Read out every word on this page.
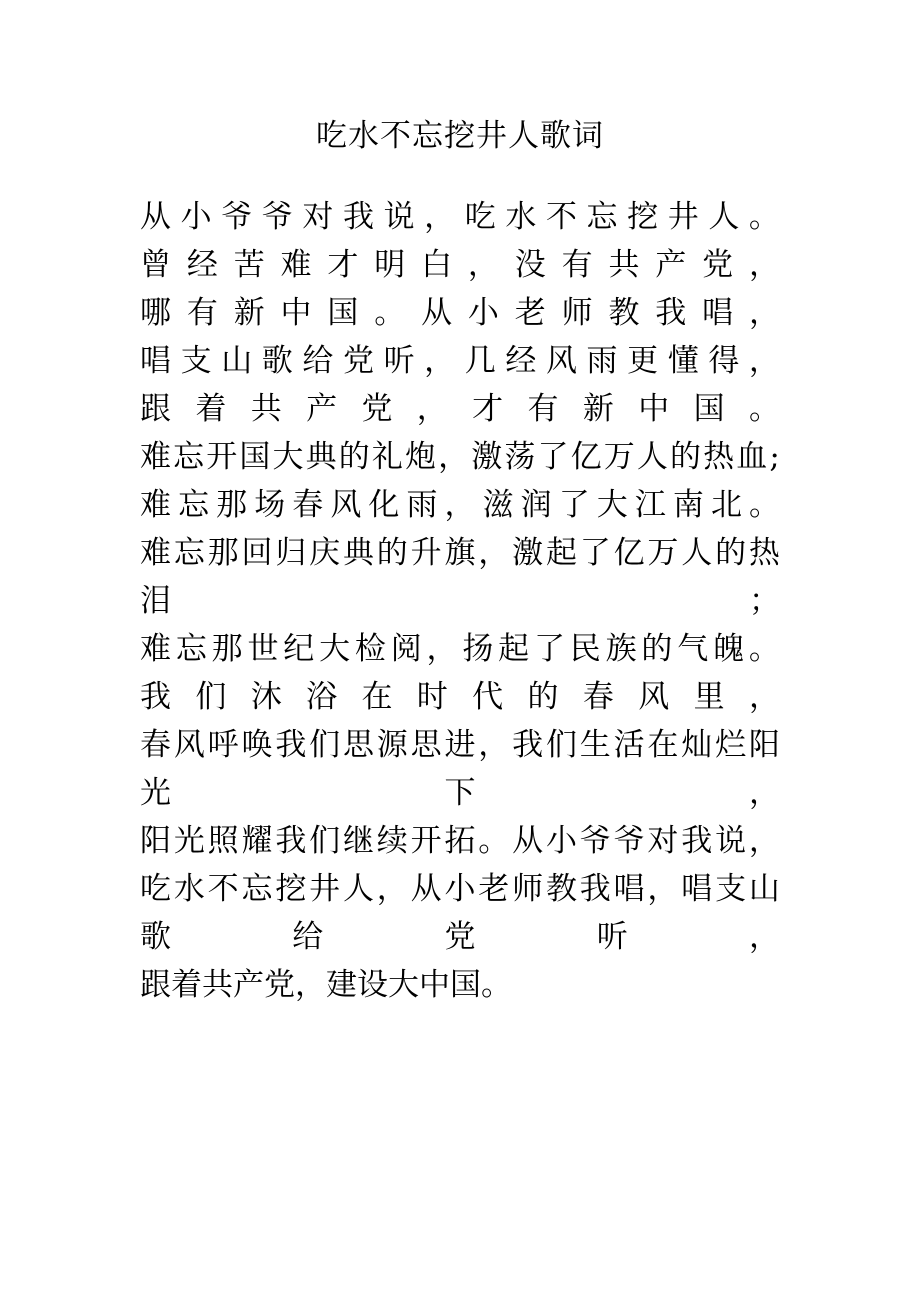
吃水不忘挖井人歌词
从 小 爷 爷 对 我 说 ， 吃 水 不 忘 挖 井 人 。
曾 经 苦 难 才 明 白 ， 没 有 共 产 党 ，
哪 有 新 中 国 。 从 小 老 师 教 我 唱 ，
唱 支 山 歌 给 党 听 ， 几 经 风 雨 更 懂 得 ，
跟 着 共 产 党 ， 才 有 新 中 国 。
难 忘 开 国 大 典 的 礼 炮 ， 激 荡 了 亿 万 人 的 热 血 ;
难 忘 那 场 春 风 化 雨 ， 滋 润 了 大 江 南 北 。
难 忘 那 回 归 庆 典 的 升 旗 ， 激 起 了 亿 万 人 的 热
泪	；
难 忘 那 世 纪 大 检 阅 ， 扬 起 了 民 族 的 气 魄 。
我 们 沐 浴 在 时 代 的 春 风 里 ，
春 风 呼 唤 我 们 思 源 思 进 ， 我 们 生 活 在 灿 烂 阳
光	下	，
阳 光 照 耀 我 们 继 续 开 拓 。 从 小 爷 爷 对 我 说 ，
吃 水 不 忘 挖 井 人 ， 从 小 老 师 教 我 唱 ， 唱 支 山
歌	给	党	听	，
跟着共产党，建设大中国。
